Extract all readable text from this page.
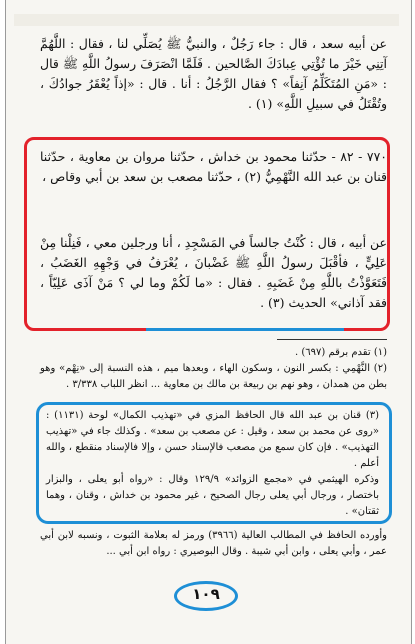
عن أبيه سعد ، قال : جاء رَجُلٌ ، والنبيُّ ﷺ يُصَلِّي لنا ، فقال : اللَّهُمَّ آتِنِي خَيْرَ ما تُؤْتِي عِبادَكَ الصَّالحين . فَلَمَّا انْصَرَفَ رسولُ اللَّهِ ﷺ قال : «مَنِ المُتَكَلِّمُ آنِفاً» ؟ فقال الرَّجُلُ : أنا . قال : «إذاً يُعْقَرُ جوادُكَ ، وتُقْتَلُ في سبيلِ اللَّهِ» (١) .
٧٧٠ - ٨٢ - حدّثنا محمود بن خداش ، حدّثنا مروان بن معاوية ، حدّثنا قنان بن عبد الله النَّهْمِيُّ (٢) ، حدّثنا مصعب بن سعد بن أبي وقاص ،
عن أبيه ، قال : كُنْتُ جالساً في المَسْجِدِ ، أنا ورجلين معي ، فَنِلْنا مِنْ عَلِيٍّ ، فأقْبَلَ رسولُ اللَّهِ ﷺ غَضْبانَ ، يُعْرَفُ في وَجْهِهِ الغَضَبُ ، فَتَعَوَّذْتُ باللَّهِ مِنْ غَضَبِهِ . فقال : «ما لَكُمْ وما لي ؟ مَنْ آذَى عَلِيّاً ، فقد آذاني» الحديث (٣) .
(١) تقدم برقم (٦٩٧) .
(٢) النَّهْمِي : بكسر النون ، وسكون الهاء ، وبعدها ميم ، هذه النسبة إلى «نِهْم» وهو بطن من همدان ، وهو نهم بن ربيعة بن مالك بن معاوية ... انظر اللباب ٣/٣٣٨ .
(٣) قنان بن عبد الله قال الحافظ المزي في «تهذيب الكمال» لوحة (١١٣١) : «روى عن محمد بن سعد ، وقيل : عن مصعب بن سعد» . وكذلك جاء في «تهذيب التهذيب» . فإن كان سمع من مصعب فالإسناد حسن ، وإلا فالإسناد منقطع ، والله أعلم .
وذكره الهيثمي في «مجمع الزوائد» ١٢٩/٩ وقال : «رواه أبو يعلى ، والبزار باختصار ، ورجال أبي يعلى رجال الصحيح ، غير محمود بن خداش ، وقنان ، وهما ثقتان» .
وأورده الحافظ في المطالب العالية (٣٩٦٦) ورمز له بعلامة الثبوت ، ونسبه لابن أبي عمر ، وأبي يعلى ، وابن أبي شيبة . وقال البوصيري : رواه ابن أبي ...
١٠٩
